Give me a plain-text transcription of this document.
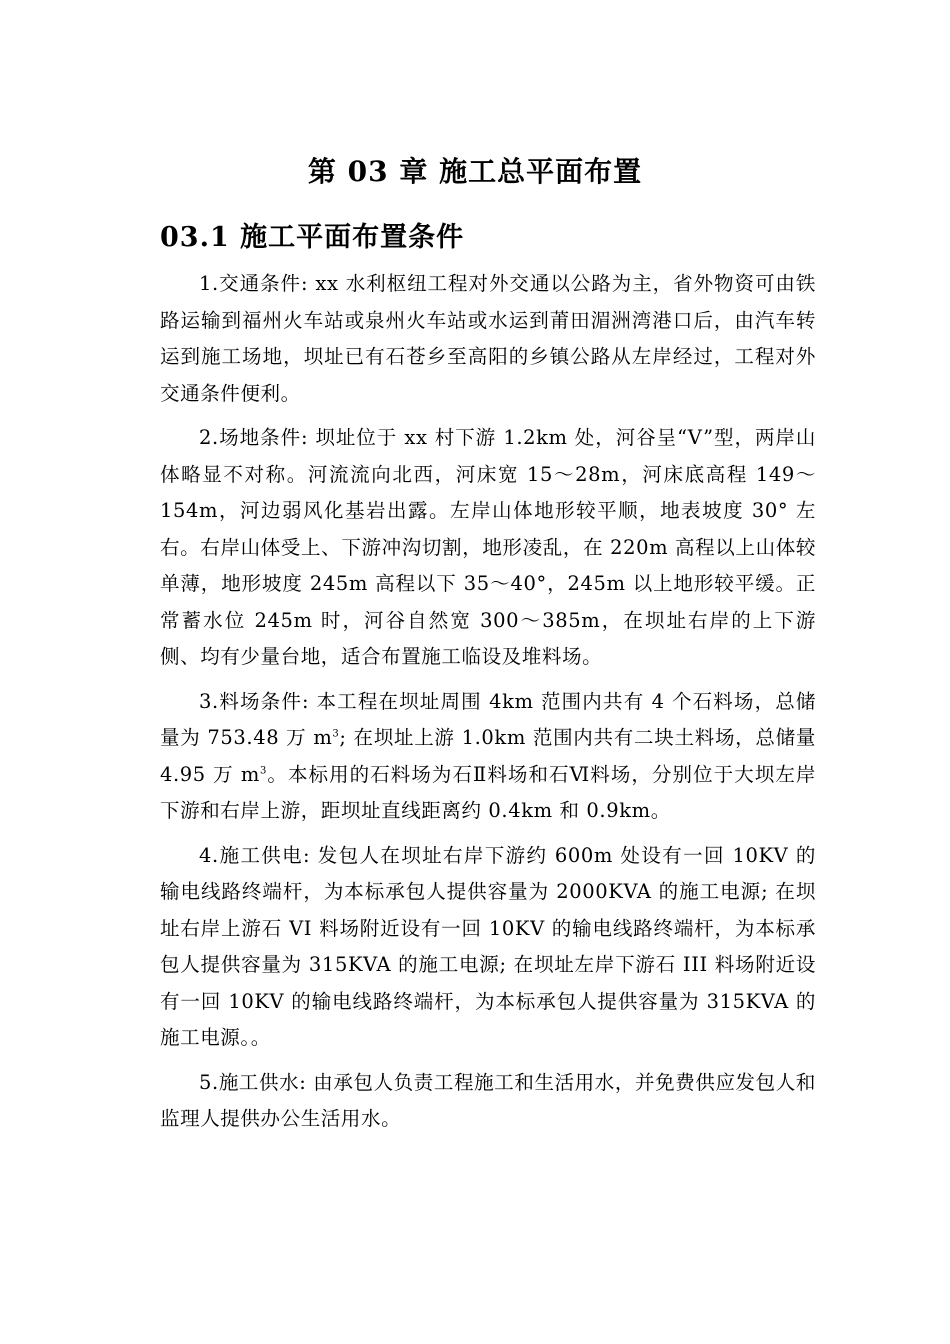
第 03 章 施工总平面布置
03.1 施工平面布置条件

1.交通条件: xx 水利枢纽工程对外交通以公路为主，省外物资可由铁路运输到福州火车站或泉州火车站或水运到莆田湄洲湾港口后，由汽车转运到施工场地，坝址已有石苍乡至高阳的乡镇公路从左岸经过，工程对外交通条件便利。

2.场地条件: 坝址位于 xx 村下游 1.2km 处，河谷呈“V”型，两岸山体略显不对称。河流流向北西，河床宽 15～28m，河床底高程 149～154m，河边弱风化基岩出露。左岸山体地形较平顺，地表坡度 30° 左右。右岸山体受上、下游冲沟切割，地形凌乱，在 220m 高程以上山体较单薄，地形坡度 245m 高程以下 35～40°，245m 以上地形较平缓。正常蓄水位 245m 时，河谷自然宽 300～385m，在坝址右岸的上下游侧、均有少量台地，适合布置施工临设及堆料场。

3.料场条件: 本工程在坝址周围 4km 范围内共有 4 个石料场，总储量为 753.48 万 $m^3$; 在坝址上游 1.0km 范围内共有二块土料场，总储量 4.95 万 $m^3$。本标用的石料场为石Ⅱ料场和石Ⅵ料场，分别位于大坝左岸下游和右岸上游，距坝址直线距离约 0.4km 和 0.9km。

4.施工供电: 发包人在坝址右岸下游约 600m 处设有一回 10KV 的输电线路终端杆，为本标承包人提供容量为 2000KVA 的施工电源; 在坝址右岸上游石 VI 料场附近设有一回 10KV 的输电线路终端杆，为本标承包人提供容量为 315KVA 的施工电源; 在坝址左岸下游石 III 料场附近设有一回 10KV 的输电线路终端杆，为本标承包人提供容量为 315KVA 的施工电源。。

5.施工供水: 由承包人负责工程施工和生活用水，并免费供应发包人和监理人提供办公生活用水。
